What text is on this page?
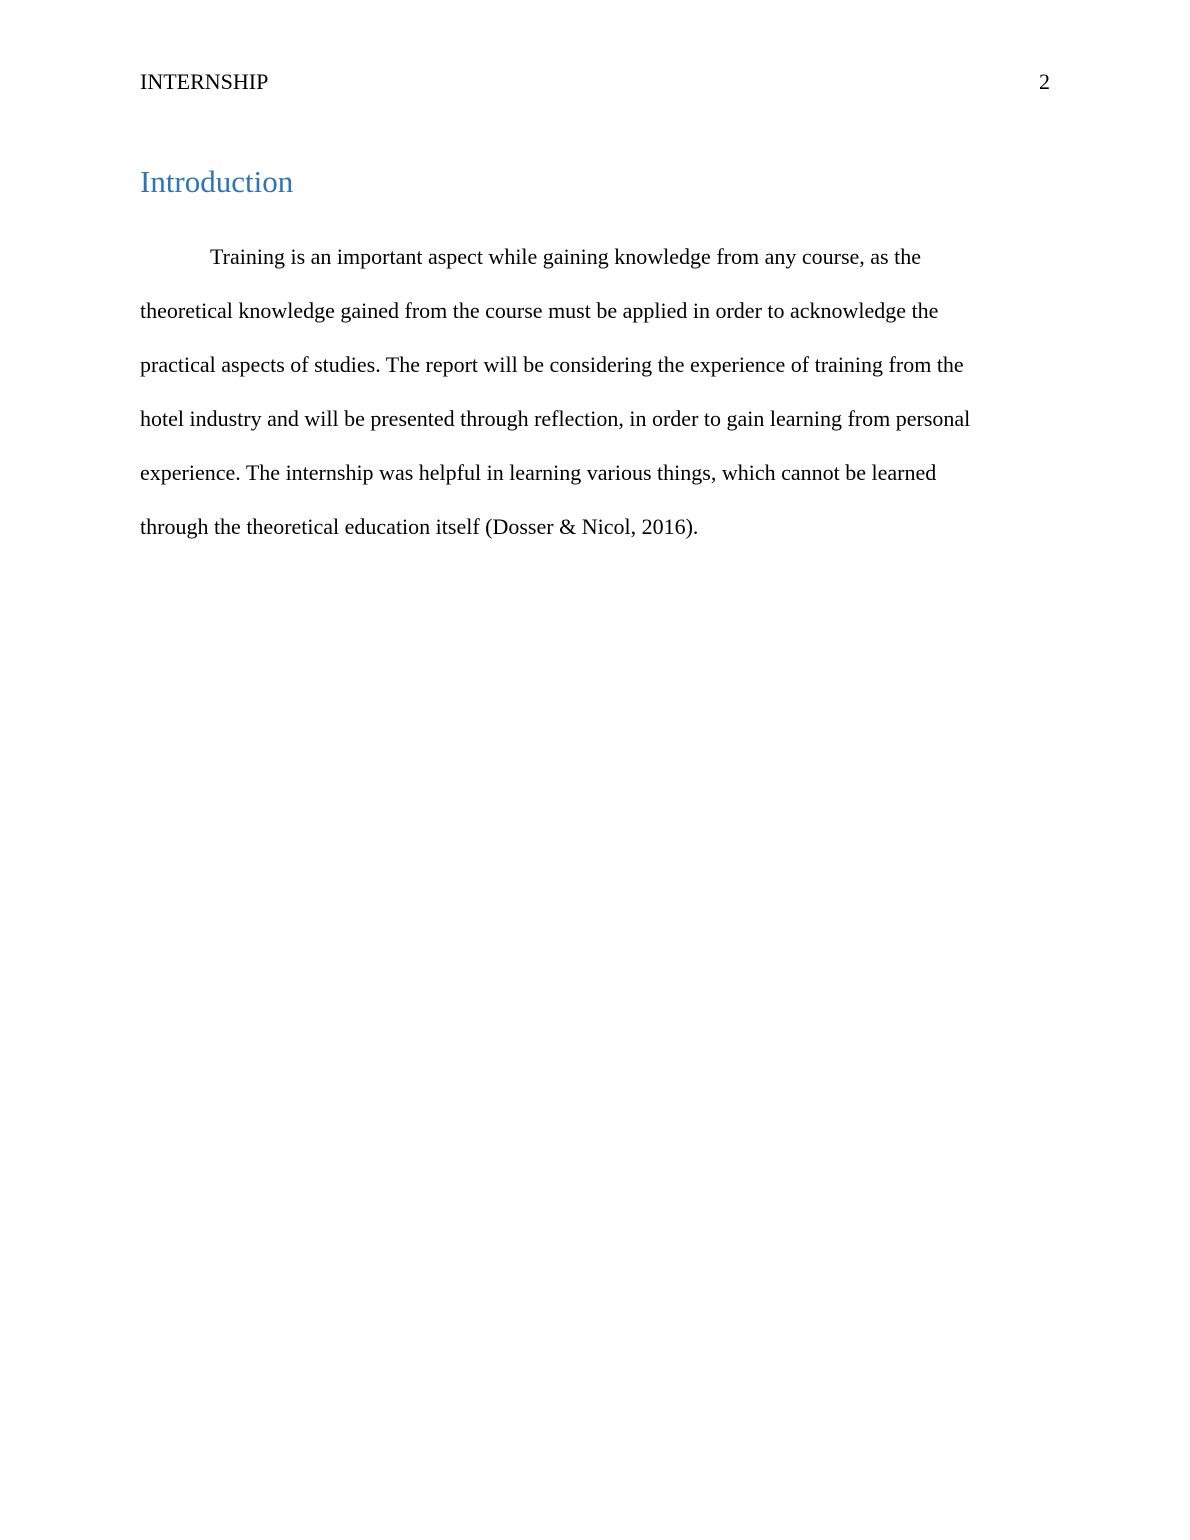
INTERNSHIP	2
Introduction

Training is an important aspect while gaining knowledge from any course, as the
theoretical knowledge gained from the course must be applied in order to acknowledge the
practical aspects of studies. The report will be considering the experience of training from the
hotel industry and will be presented through reflection, in order to gain learning from personal
experience. The internship was helpful in learning various things, which cannot be learned
through the theoretical education itself (Dosser & Nicol, 2016).
